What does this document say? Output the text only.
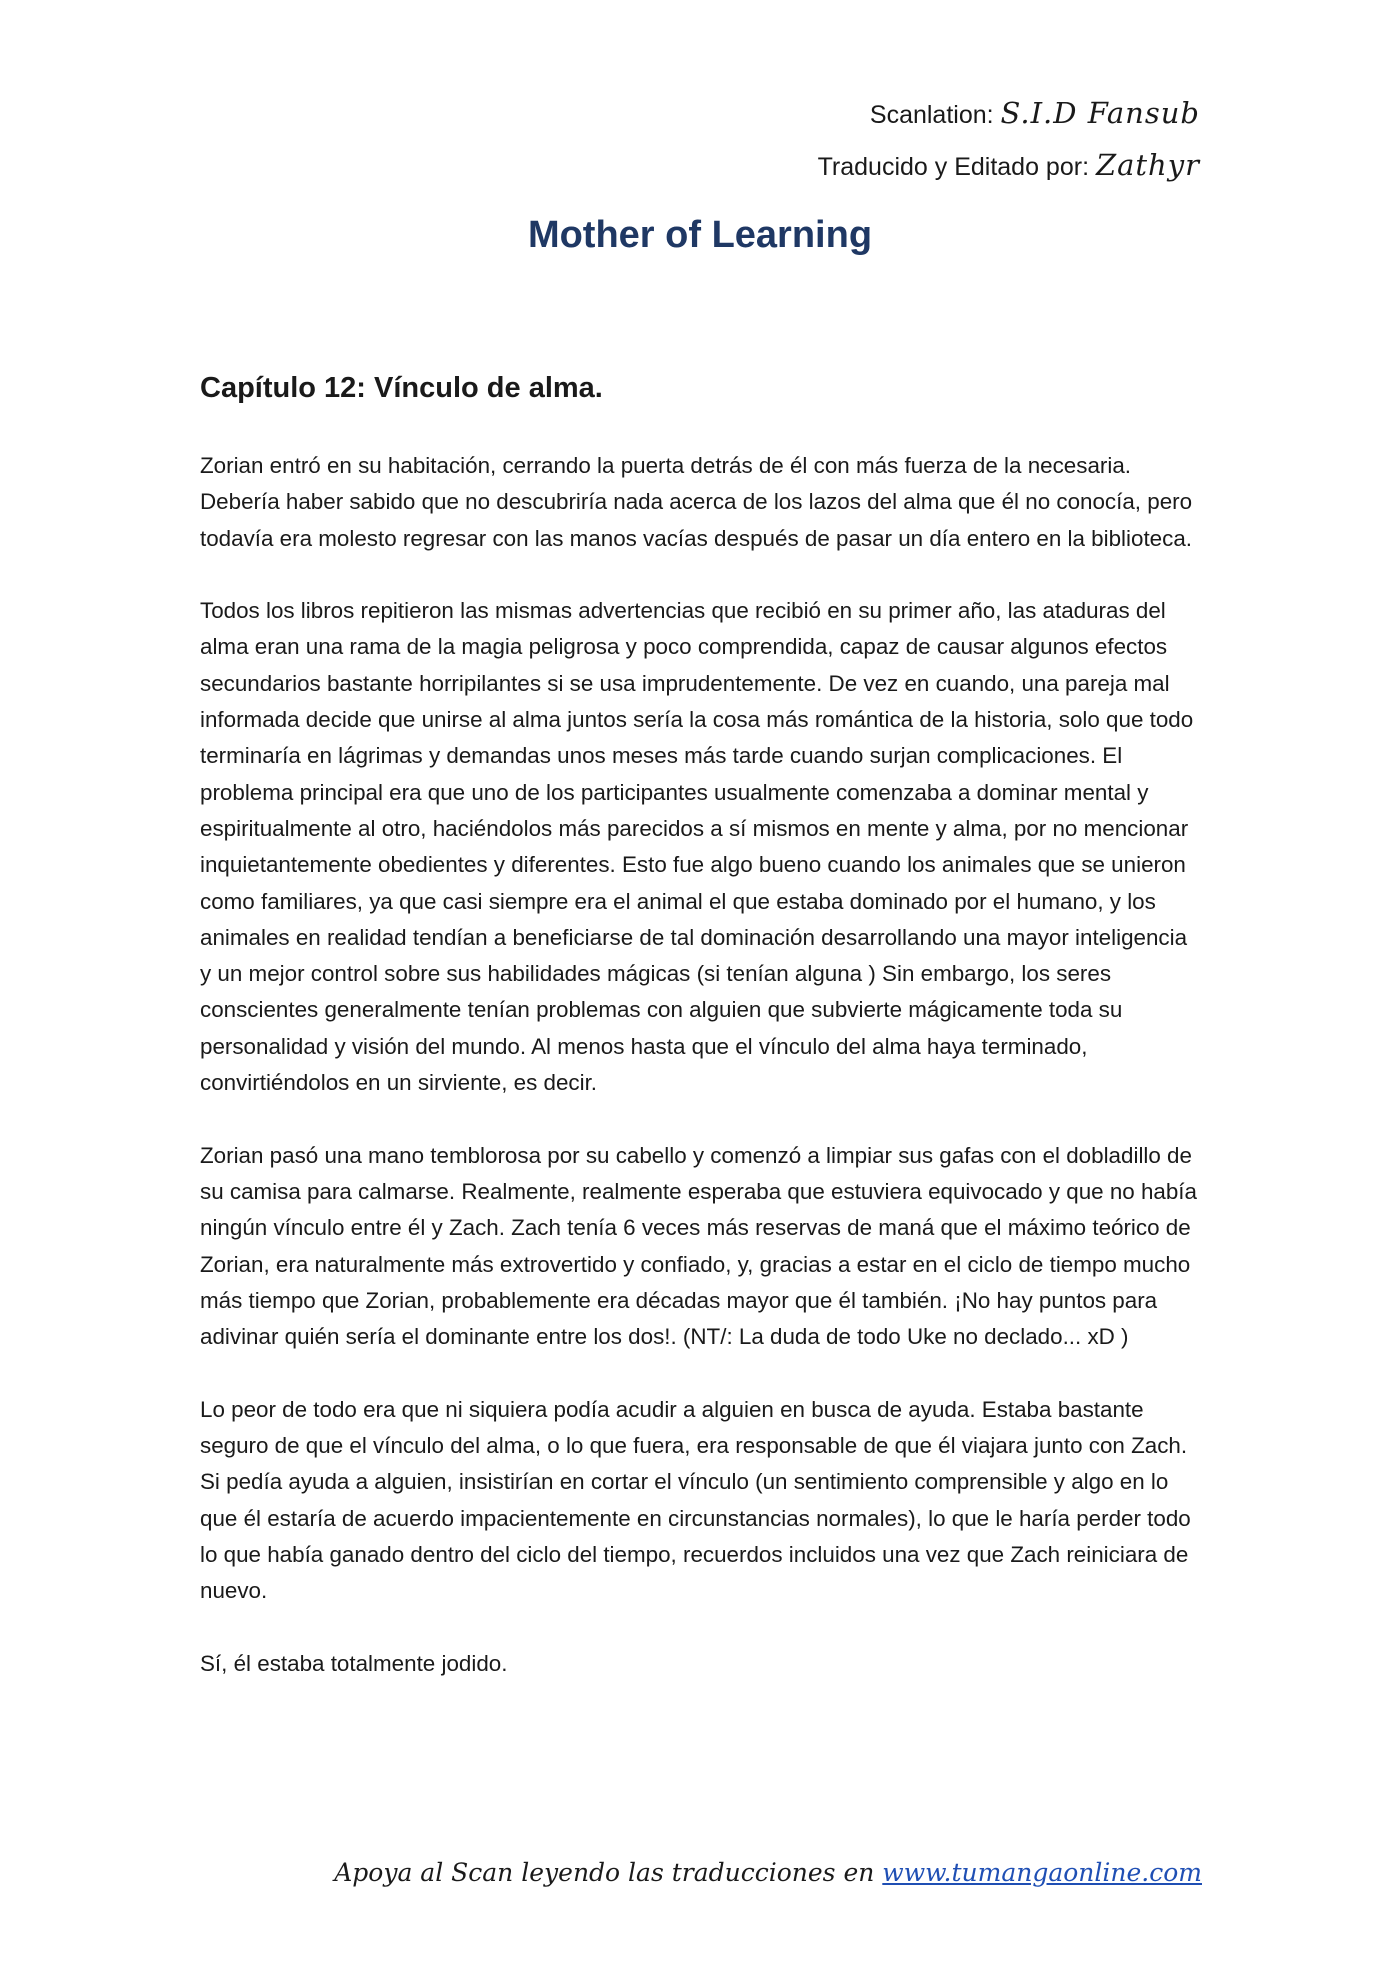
Scanlation: S.I.D Fansub
Traducido y Editado por: Zathyr
Mother of Learning
Capítulo 12: Vínculo de alma.

Zorian entró en su habitación, cerrando la puerta detrás de él con más fuerza de la necesaria. Debería haber sabido que no descubriría nada acerca de los lazos del alma que él no conocía, pero todavía era molesto regresar con las manos vacías después de pasar un día entero en la biblioteca.

Todos los libros repitieron las mismas advertencias que recibió en su primer año, las ataduras del alma eran una rama de la magia peligrosa y poco comprendida, capaz de causar algunos efectos secundarios bastante horripilantes si se usa imprudentemente. De vez en cuando, una pareja mal informada decide que unirse al alma juntos sería la cosa más romántica de la historia, solo que todo terminaría en lágrimas y demandas unos meses más tarde cuando surjan complicaciones. El problema principal era que uno de los participantes usualmente comenzaba a dominar mental y espiritualmente al otro, haciéndolos más parecidos a sí mismos en mente y alma, por no mencionar inquietantemente obedientes y diferentes. Esto fue algo bueno cuando los animales que se unieron como familiares, ya que casi siempre era el animal el que estaba dominado por el humano, y los animales en realidad tendían a beneficiarse de tal dominación desarrollando una mayor inteligencia y un mejor control sobre sus habilidades mágicas (si tenían alguna ) Sin embargo, los seres conscientes generalmente tenían problemas con alguien que subvierte mágicamente toda su personalidad y visión del mundo. Al menos hasta que el vínculo del alma haya terminado, convirtiéndolos en un sirviente, es decir.

Zorian pasó una mano temblorosa por su cabello y comenzó a limpiar sus gafas con el dobladillo de su camisa para calmarse. Realmente, realmente esperaba que estuviera equivocado y que no había ningún vínculo entre él y Zach. Zach tenía 6 veces más reservas de maná que el máximo teórico de Zorian, era naturalmente más extrovertido y confiado, y, gracias a estar en el ciclo de tiempo mucho más tiempo que Zorian, probablemente era décadas mayor que él también. ¡No hay puntos para adivinar quién sería el dominante entre los dos!. (NT/: La duda de todo Uke no declado... xD )

Lo peor de todo era que ni siquiera podía acudir a alguien en busca de ayuda. Estaba bastante seguro de que el vínculo del alma, o lo que fuera, era responsable de que él viajara junto con Zach. Si pedía ayuda a alguien, insistirían en cortar el vínculo (un sentimiento comprensible y algo en lo que él estaría de acuerdo impacientemente en circunstancias normales), lo que le haría perder todo lo que había ganado dentro del ciclo del tiempo, recuerdos incluidos una vez que Zach reiniciara de nuevo.

Sí, él estaba totalmente jodido.

Apoya al Scan leyendo las traducciones en www.tumangaonline.com
